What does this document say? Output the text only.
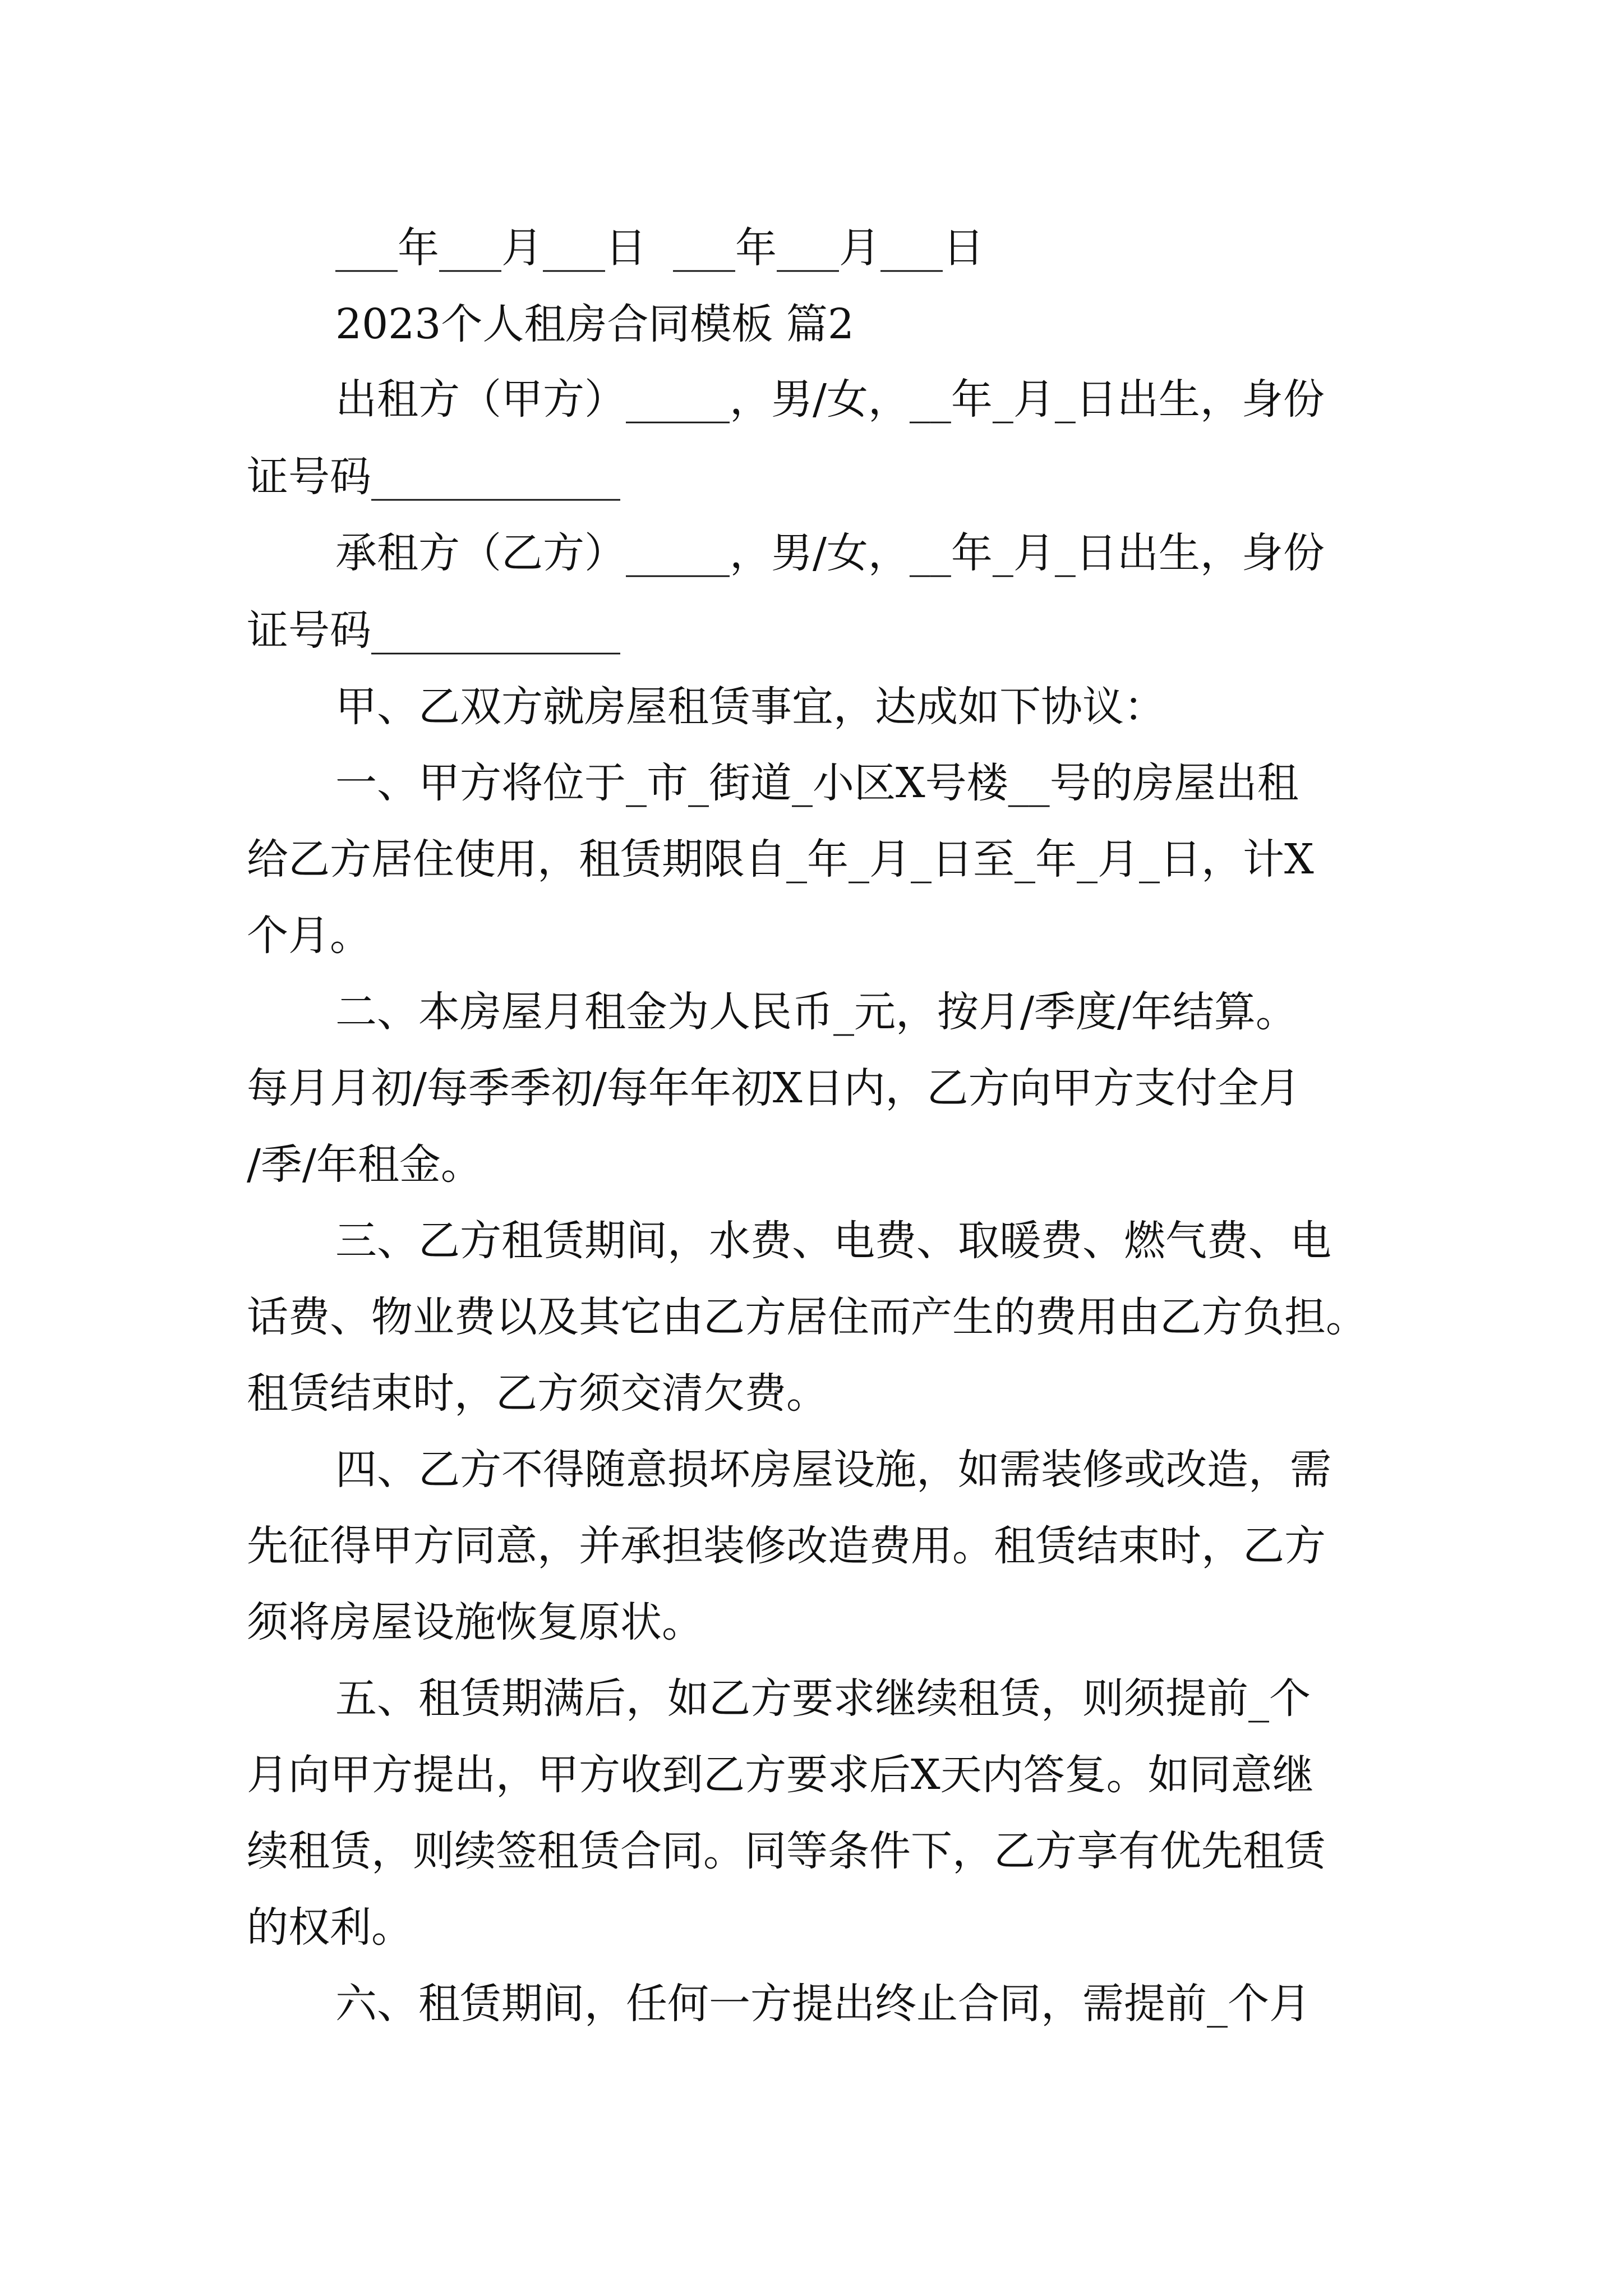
___年___月___日  ___年___月___日
2023个人租房合同模板 篇2
出租方（甲方）_____，男/女，__年_月_日出生，身份
证号码____________
承租方（乙方）_____，男/女，__年_月_日出生，身份
证号码____________
甲、乙双方就房屋租赁事宜，达成如下协议：
一、甲方将位于_市_街道_小区X号楼__号的房屋出租
给乙方居住使用，租赁期限自_年_月_日至_年_月_日，计X
个月。
二、本房屋月租金为人民币_元，按月/季度/年结算。
每月月初/每季季初/每年年初X日内，乙方向甲方支付全月
/季/年租金。
三、乙方租赁期间，水费、电费、取暖费、燃气费、电
话费、物业费以及其它由乙方居住而产生的费用由乙方负担。
租赁结束时，乙方须交清欠费。
四、乙方不得随意损坏房屋设施，如需装修或改造，需
先征得甲方同意，并承担装修改造费用。租赁结束时，乙方
须将房屋设施恢复原状。
五、租赁期满后，如乙方要求继续租赁，则须提前_个
月向甲方提出，甲方收到乙方要求后X天内答复。如同意继
续租赁，则续签租赁合同。同等条件下，乙方享有优先租赁
的权利。
六、租赁期间，任何一方提出终止合同，需提前_个月
